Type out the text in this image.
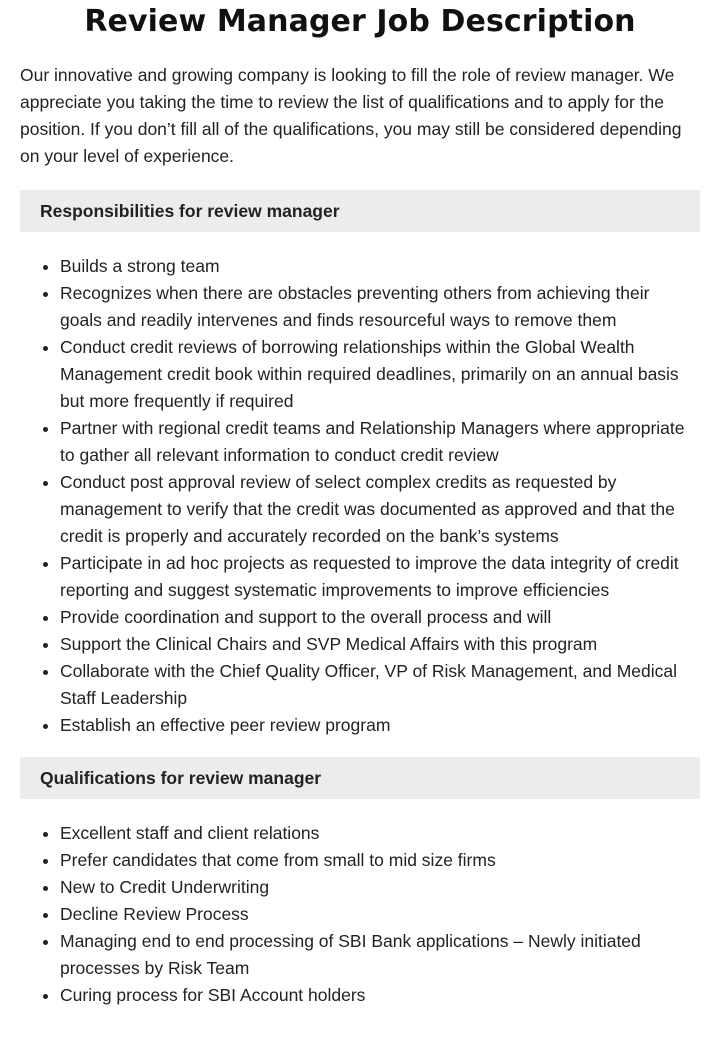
Review Manager Job Description

Our innovative and growing company is looking to fill the role of review manager. We appreciate you taking the time to review the list of qualifications and to apply for the position. If you don’t fill all of the qualifications, you may still be considered depending on your level of experience.

Responsibilities for review manager
• Builds a strong team
• Recognizes when there are obstacles preventing others from achieving their goals and readily intervenes and finds resourceful ways to remove them
• Conduct credit reviews of borrowing relationships within the Global Wealth Management credit book within required deadlines, primarily on an annual basis but more frequently if required
• Partner with regional credit teams and Relationship Managers where appropriate to gather all relevant information to conduct credit review
• Conduct post approval review of select complex credits as requested by management to verify that the credit was documented as approved and that the credit is properly and accurately recorded on the bank’s systems
• Participate in ad hoc projects as requested to improve the data integrity of credit reporting and suggest systematic improvements to improve efficiencies
• Provide coordination and support to the overall process and will
• Support the Clinical Chairs and SVP Medical Affairs with this program
• Collaborate with the Chief Quality Officer, VP of Risk Management, and Medical Staff Leadership
• Establish an effective peer review program
Qualifications for review manager
• Excellent staff and client relations
• Prefer candidates that come from small to mid size firms
• New to Credit Underwriting
• Decline Review Process
• Managing end to end processing of SBI Bank applications – Newly initiated processes by Risk Team
• Curing process for SBI Account holders
